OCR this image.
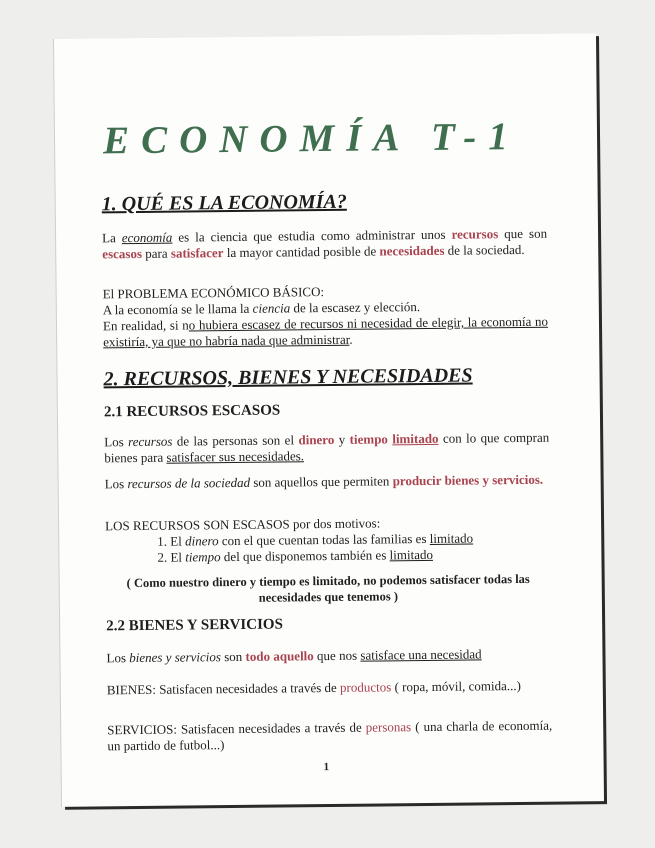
ECONOMÍA T-1
1. QUÉ ES LA ECONOMÍA?

La economía es la ciencia que estudia como administrar unos recursos que son escasos para satisfacer la mayor cantidad posible de necesidades de la sociedad.

El PROBLEMA ECONÓMICO BÁSICO:
A la economía se le llama la ciencia de la escasez y elección.
En realidad, si no hubiera escasez de recursos ni necesidad de elegir, la economía no existiría, ya que no habría nada que administrar.

2. RECURSOS, BIENES Y NECESIDADES
2.1 RECURSOS ESCASOS

Los recursos de las personas son el dinero y tiempo limitado con lo que compran bienes para satisfacer sus necesidades.

Los recursos de la sociedad son aquellos que permiten producir bienes y servicios.

LOS RECURSOS SON ESCASOS por dos motivos:
1. El dinero con el que cuentan todas las familias es limitado
2. El tiempo del que disponemos también es limitado

( Como nuestro dinero y tiempo es limitado, no podemos satisfacer todas las necesidades que tenemos )

2.2 BIENES Y SERVICIOS

Los bienes y servicios son todo aquello que nos satisface una necesidad

BIENES: Satisfacen necesidades a través de productos ( ropa, móvil, comida...)

SERVICIOS: Satisfacen necesidades a través de personas ( una charla de economía, un partido de futbol...)

1
